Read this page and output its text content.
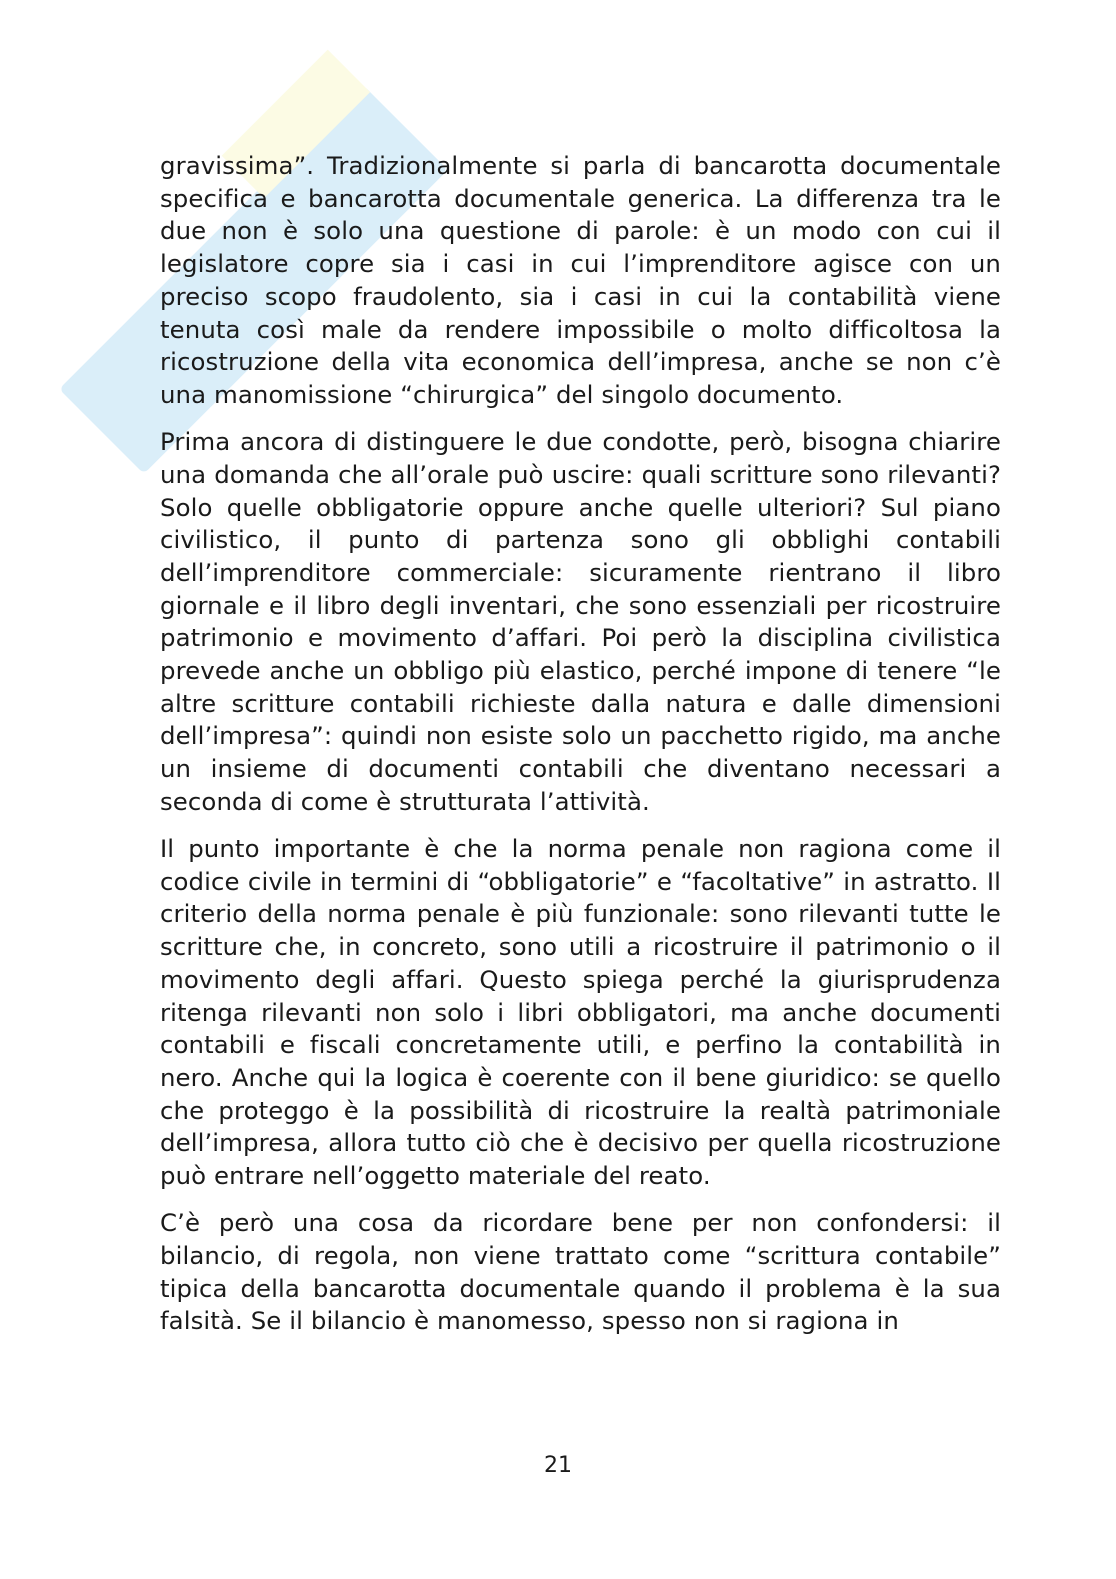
gravissima”. Tradizionalmente si parla di bancarotta documentale specifica e bancarotta documentale generica. La differenza tra le due non è solo una questione di parole: è un modo con cui il legislatore copre sia i casi in cui l’imprenditore agisce con un preciso scopo fraudolento, sia i casi in cui la contabilità viene tenuta così male da rendere impossibile o molto difficoltosa la ricostruzione della vita economica dell’impresa, anche se non c’è una manomissione “chirurgica” del singolo documento.

Prima ancora di distinguere le due condotte, però, bisogna chiarire una domanda che all’orale può uscire: quali scritture sono rilevanti? Solo quelle obbligatorie oppure anche quelle ulteriori? Sul piano civilistico, il punto di partenza sono gli obblighi contabili dell’imprenditore commerciale: sicuramente rientrano il libro giornale e il libro degli inventari, che sono essenziali per ricostruire patrimonio e movimento d’affari. Poi però la disciplina civilistica prevede anche un obbligo più elastico, perché impone di tenere “le altre scritture contabili richieste dalla natura e dalle dimensioni dell’impresa”: quindi non esiste solo un pacchetto rigido, ma anche un insieme di documenti contabili che diventano necessari a seconda di come è strutturata l’attività.

Il punto importante è che la norma penale non ragiona come il codice civile in termini di “obbligatorie” e “facoltative” in astratto. Il criterio della norma penale è più funzionale: sono rilevanti tutte le scritture che, in concreto, sono utili a ricostruire il patrimonio o il movimento degli affari. Questo spiega perché la giurisprudenza ritenga rilevanti non solo i libri obbligatori, ma anche documenti contabili e fiscali concretamente utili, e perfino la contabilità in nero. Anche qui la logica è coerente con il bene giuridico: se quello che proteggo è la possibilità di ricostruire la realtà patrimoniale dell’impresa, allora tutto ciò che è decisivo per quella ricostruzione può entrare nell’oggetto materiale del reato.

C’è però una cosa da ricordare bene per non confondersi: il bilancio, di regola, non viene trattato come “scrittura contabile” tipica della bancarotta documentale quando il problema è la sua falsità. Se il bilancio è manomesso, spesso non si ragiona in

21
